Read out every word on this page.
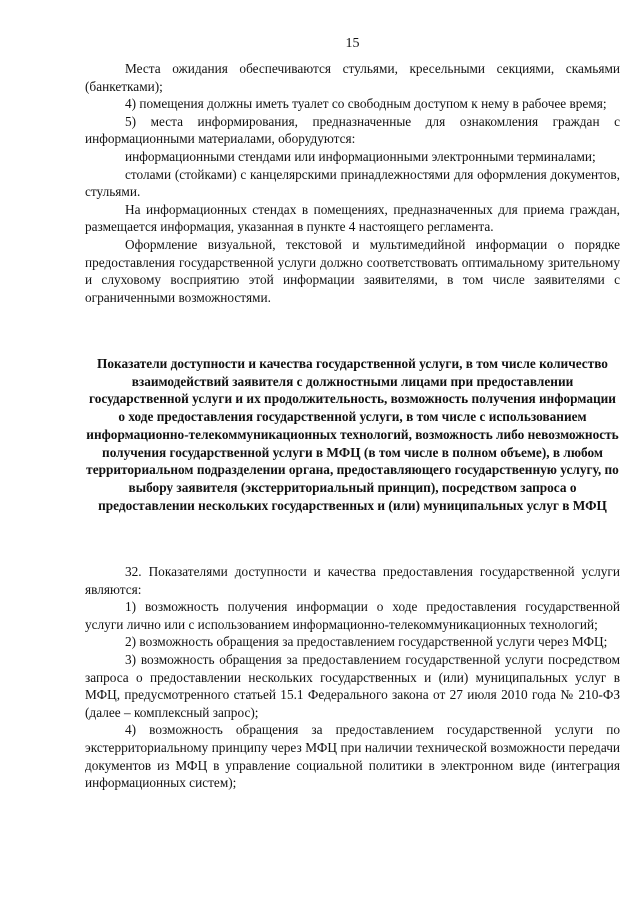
15

Места ожидания обеспечиваются стульями, кресельными секциями, скамьями (банкетками);

4) помещения должны иметь туалет со свободным доступом к нему в рабочее время;

5) места информирования, предназначенные для ознакомления граждан с информационными материалами, оборудуются:

информационными стендами или информационными электронными терминалами;

столами (стойками) с канцелярскими принадлежностями для оформления документов, стульями.

На информационных стендах в помещениях, предназначенных для приема граждан, размещается информация, указанная в пункте 4 настоящего регламента.

Оформление визуальной, текстовой и мультимедийной информации о порядке предоставления государственной услуги должно соответствовать оптимальному зрительному и слуховому восприятию этой информации заявителями, в том числе заявителями с ограниченными возможностями.

Показатели доступности и качества государственной услуги, в том числе количество взаимодействий заявителя с должностными лицами при предоставлении государственной услуги и их продолжительность, возможность получения информации о ходе предоставления государственной услуги, в том числе с использованием информационно-телекоммуникационных технологий, возможность либо невозможность получения государственной услуги в МФЦ (в том числе в полном объеме), в любом территориальном подразделении органа, предоставляющего государственную услугу, по выбору заявителя (экстерриториальный принцип), посредством запроса о предоставлении нескольких государственных и (или) муниципальных услуг в МФЦ

32. Показателями доступности и качества предоставления государственной услуги являются:

1) возможность получения информации о ходе предоставления государственной услуги лично или с использованием информационно-телекоммуникационных технологий;

2) возможность обращения за предоставлением государственной услуги через МФЦ;

3) возможность обращения за предоставлением государственной услуги посредством запроса о предоставлении нескольких государственных и (или) муниципальных услуг в МФЦ, предусмотренного статьей 15.1 Федерального закона от 27 июля 2010 года № 210-ФЗ (далее – комплексный запрос);

4) возможность обращения за предоставлением государственной услуги по экстерриториальному принципу через МФЦ при наличии технической возможности передачи документов из МФЦ в управление социальной политики в электронном виде (интеграция информационных систем);
